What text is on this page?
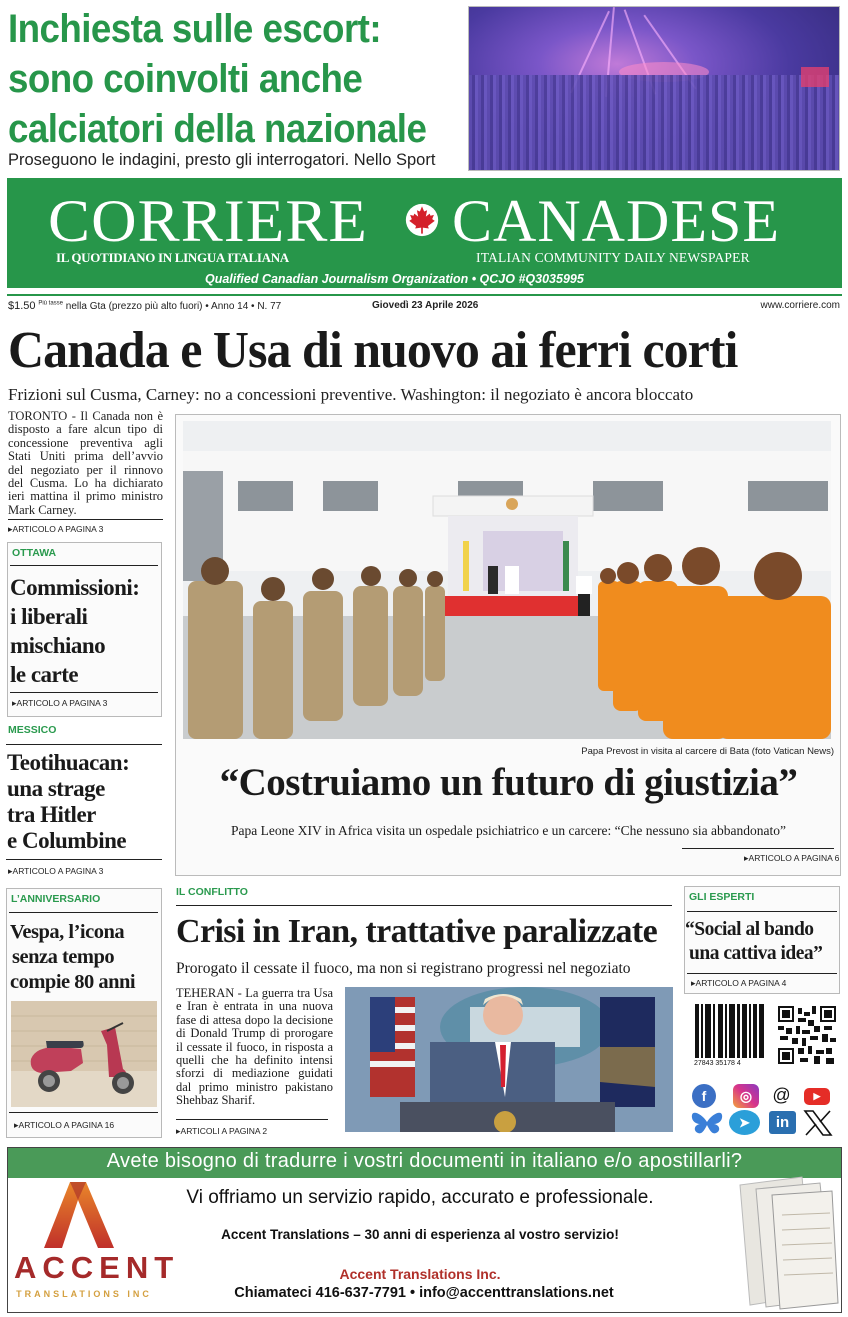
Inchiesta sulle escort:
sono coinvolti anche
calciatori della nazionale
Proseguono le indagini, presto gli interrogatori. Nello Sport
CORRIERE CANADESE
IL QUOTIDIANO IN LINGUA ITALIANA	ITALIAN COMMUNITY DAILY NEWSPAPER
Qualified Canadian Journalism Organization • QCJO #Q3035995
$1.50 $^{Più tasse}$ nella Gta (prezzo più alto fuori) • Anno 14 • N. 77	Giovedì 23 Aprile 2026	www.corriere.com
Canada e Usa di nuovo ai ferri corti
Frizioni sul Cusma, Carney: no a concessioni preventive. Washington: il negoziato è ancora bloccato
TORONTO - Il Canada non è disposto a fare alcun tipo di concessione preventiva agli Stati Uniti prima dell’avvio del negoziato per il rinnovo del Cusma. Lo ha dichiarato ieri mattina il primo ministro Mark Carney.
▸ ARTICOLO A PAGINA 3
OTTAWA
Commissioni:
i liberali
mischiano
le carte
▸ ARTICOLO A PAGINA 3
MESSICO
Teotihuacan:
una strage
tra Hitler
e Columbine
▸ ARTICOLO A PAGINA 3
L’ANNIVERSARIO
Vespa, l’icona
senza tempo
compie 80 anni
▸ ARTICOLO A PAGINA 16
Papa Prevost in visita al carcere di Bata (foto Vatican News)
“Costruiamo un futuro di giustizia”
Papa Leone XIV in Africa visita un ospedale psichiatrico e un carcere: “Che nessuno sia abbandonato”
▸ ARTICOLO A PAGINA 6
IL CONFLITTO
Crisi in Iran, trattative paralizzate
Prorogato il cessate il fuoco, ma non si registrano progressi nel negoziato
TEHERAN - La guerra tra Usa e Iran è entrata in una nuova fase di attesa dopo la decisione di Donald Trump di prorogare il cessate il fuoco, in risposta a quelli che ha definito intensi sforzi di mediazione guidati dal primo ministro pakistano Shehbaz Sharif.
▸ ARTICOLI A PAGINA 2
GLI ESPERTI
“Social al bando
una cattiva idea”
▸ ARTICOLO A PAGINA 4
27843 35178 4
f ◎ @	▶
➤ in
Avete bisogno di tradurre i vostri documenti in italiano e/o apostillarli?
ACCENT
TRANSLATIONS INC
Vi offriamo un servizio rapido, accurato e professionale.
Accent Translations – 30 anni di esperienza al vostro servizio!
Accent Translations Inc.
Chiamateci 416-637-7791 • info@accenttranslations.net
